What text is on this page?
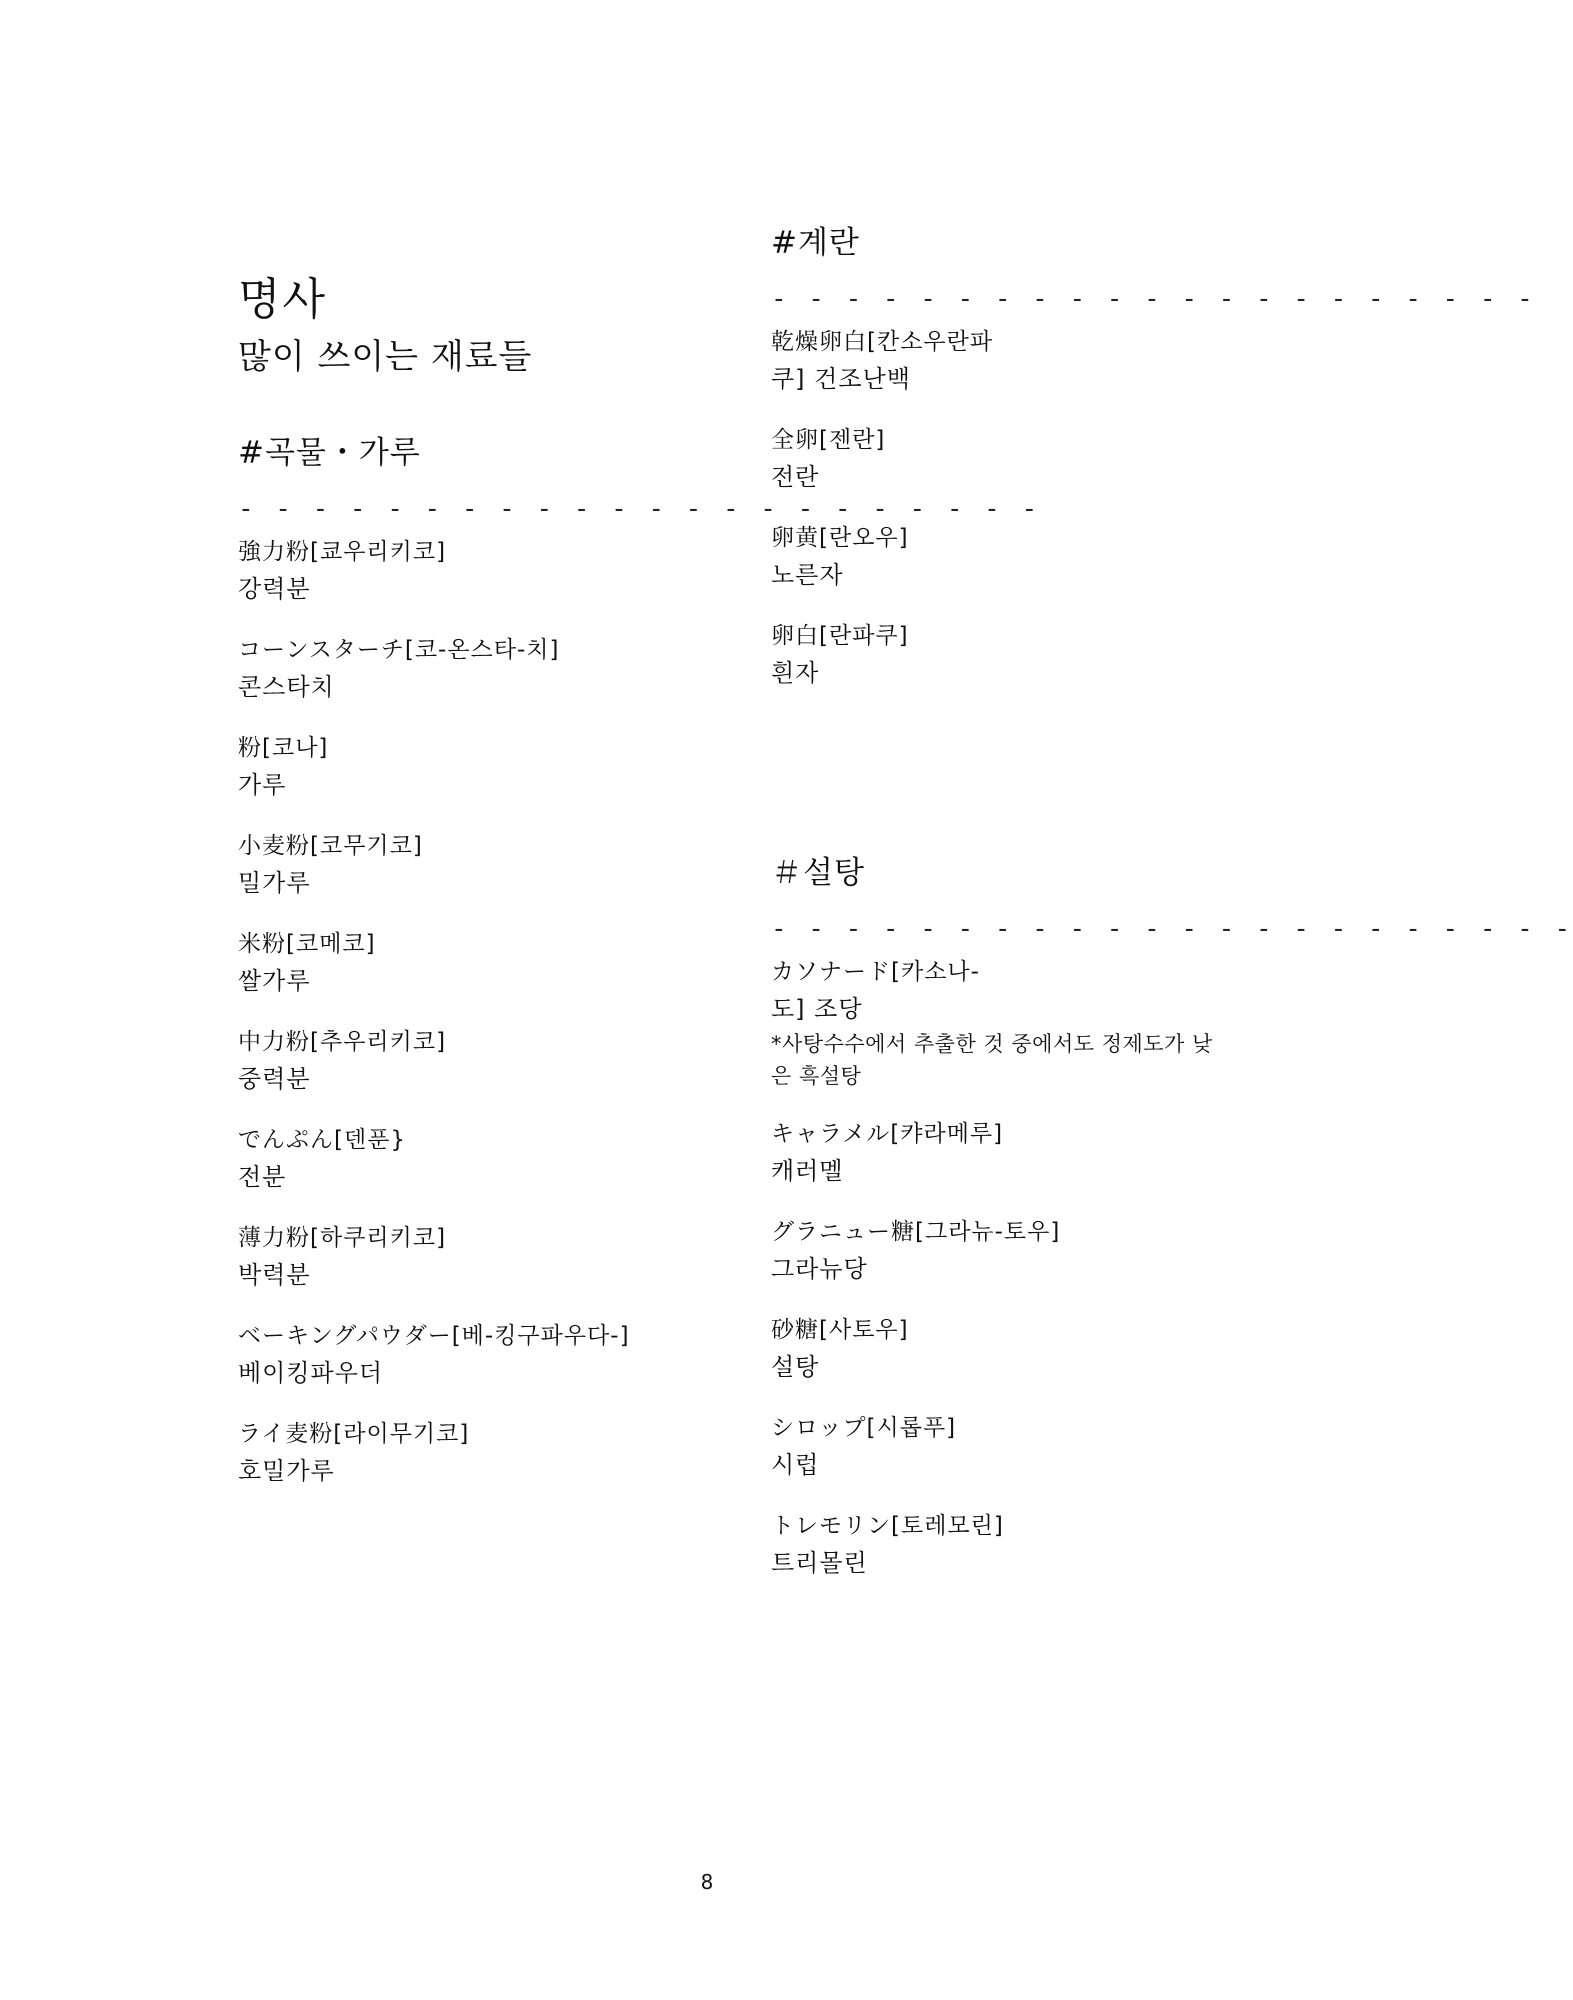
명사
많이 쓰이는 재료들
#곡물・가루
- - - - - - - - - - - - - - - - - - - - - -
強力粉[쿄우리키코]
강력분
コーンスターチ[코-온스타-치]
콘스타치
粉[코나]
가루
小麦粉[코무기코]
밀가루
米粉[코메코]
쌀가루
中力粉[추우리키코]
중력분
でんぷん[덴푼}
전분
薄力粉[하쿠리키코]
박력분
ベーキングパウダー[베-킹구파우다-]
베이킹파우더
ライ麦粉[라이무기코]
호밀가루
#계란
- - - - - - - - - - - - - - - - - - - - -
乾燥卵白[칸소우란파
쿠] 건조난백
全卵[젠란]
전란
卵黄[란오우]
노른자
卵白[란파쿠]
흰자
＃설탕
- - - - - - - - - - - - - - - - - - - - - -
カソナード[카소나-
도] 조당
*사탕수수에서 추출한 것 중에서도 정제도가 낮은 흑설탕
キャラメル[캬라메루]
캐러멜
グラニュー糖[그라뉴-토우]
그라뉴당
砂糖[사토우]
설탕
シロップ[시롭푸]
시럽
トレモリン[토레모린]
트리몰린
8
